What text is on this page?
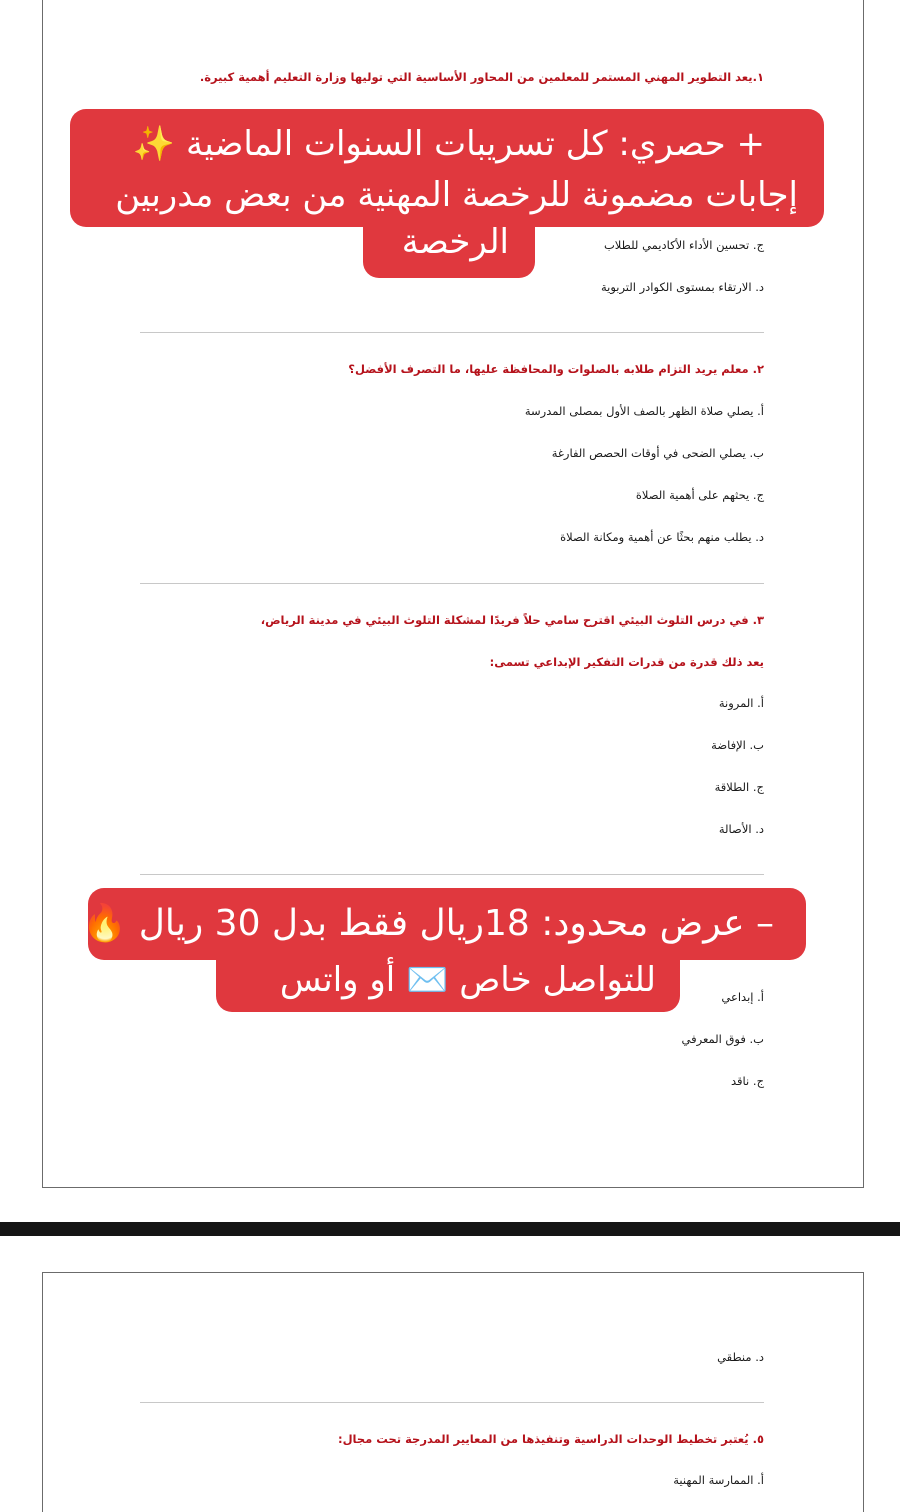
١.يعد التطوير المهني المستمر للمعلمين من المحاور الأساسية التي توليها وزارة التعليم أهمية كبيرة.
ج. تحسين الأداء الأكاديمي للطلاب
د. الارتقاء بمستوى الكوادر التربوية
٢. معلم يريد التزام طلابه بالصلوات والمحافظة عليها، ما التصرف الأفضل؟
أ. يصلي صلاة الظهر بالصف الأول بمصلى المدرسة
ب. يصلي الضحى في أوقات الحصص الفارغة
ج. يحثهم على أهمية الصلاة
د. يطلب منهم بحثًا عن أهمية ومكانة الصلاة
٣. في درس التلوث البيئي اقترح سامي حلاً فريدًا لمشكلة التلوث البيئي في مدينة الرياض،
يعد ذلك قدرة من قدرات التفكير الإبداعي تسمى:
أ. المرونة
ب. الإفاضة
ج. الطلاقة
د. الأصالة
أ. إبداعي
ب. فوق المعرفي
ج. ناقد
✨ حصري: كل تسريبات السنوات الماضية +
إجابات مضمونة للرخصة المهنية من بعض مدربين
الرخصة
🔥 عرض محدود: 18ريال فقط بدل 30 ريال –
للتواصل خاص ✉️ أو واتس
د. منطقي
٥. يُعتبر تخطيط الوحدات الدراسية وتنفيذها من المعايير المدرجة تحت مجال:
أ. الممارسة المهنية
